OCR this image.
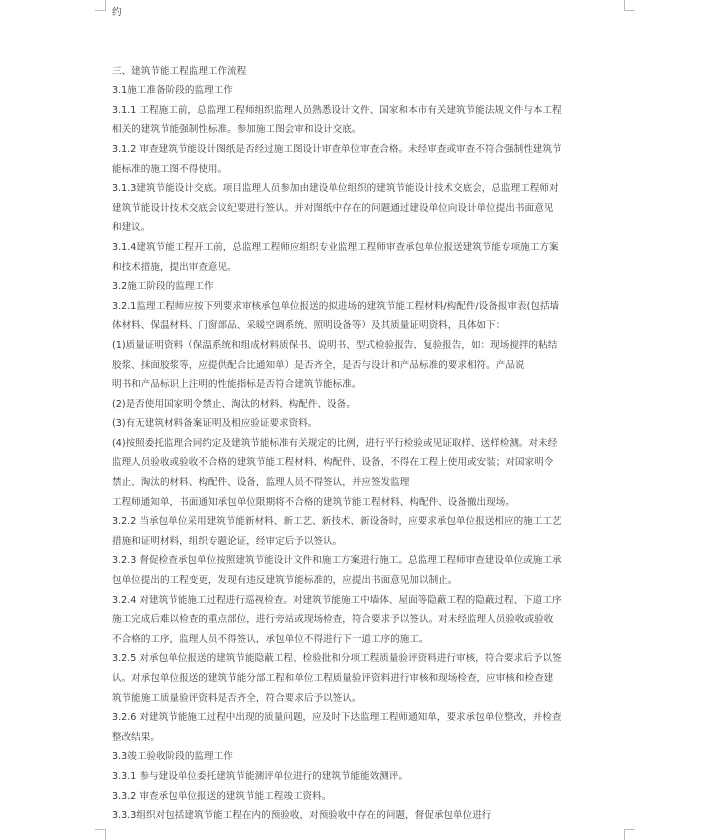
约
三、建筑节能工程监理工作流程
3.1施工准备阶段的监理工作
3.1.1 工程施工前，总监理工程师组织监理人员熟悉设计文件、国家和本市有关建筑节能法规文件与本工程
相关的建筑节能强制性标准。参加施工图会审和设计交底。
3.1.2 审查建筑节能设计图纸是否经过施工图设计审查单位审查合格。未经审查或审查不符合强制性建筑节
能标准的施工图不得使用。
3.1.3建筑节能设计交底。项目监理人员参加由建设单位组织的建筑节能设计技术交底会，总监理工程师对
建筑节能设计技术交底会议纪要进行签认。并对图纸中存在的问题通过建设单位向设计单位提出书面意见
和建议。
3.1.4建筑节能工程开工前，总监理工程师应组织专业监理工程师审查承包单位报送建筑节能专项施工方案
和技术措施，提出审查意见。
3.2施工阶段的监理工作
3.2.1监理工程师应按下列要求审核承包单位报送的拟进场的建筑节能工程材料/构配件/设备报审表(包括墙
体材料、保温材料、门窗部品、采暖空调系统、照明设备等）及其质量证明资料，具体如下：
(1)质量证明资料（保温系统和组成材料质保书、说明书、型式检验报告、复验报告，如：现场搅拌的粘结
胶浆、抹面胶浆等，应提供配合比通知单）是否齐全，是否与设计和产品标准的要求相符。产品说
明书和产品标识上注明的性能指标是否符合建筑节能标准。
(2)是否使用国家明令禁止、淘汰的材料、构配件、设备。
(3)有无建筑材料备案证明及相应验证要求资料。
(4)按照委托监理合同约定及建筑节能标准有关规定的比例，进行平行检验或见证取样、送样检测。对未经
监理人员验收或验收不合格的建筑节能工程材料、构配件、设备，不得在工程上使用或安装；对国家明令
禁止、淘汰的材料、构配件、设备，监理人员不得签认，并应签发监理
工程师通知单，书面通知承包单位限期将不合格的建筑节能工程材料、构配件、设备撤出现场。
3.2.2 当承包单位采用建筑节能新材料、新工艺、新技术、新设备时，应要求承包单位报送相应的施工工艺
措施和证明材料，组织专题论证，经审定后予以签认。
3.2.3 督促检查承包单位按照建筑节能设计文件和施工方案进行施工。总监理工程师审查建设单位或施工承
包单位提出的工程变更，发现有违反建筑节能标准的，应提出书面意见加以制止。
3.2.4 对建筑节能施工过程进行巡视检查。对建筑节能施工中墙体、屋面等隐蔽工程的隐蔽过程、下道工序
施工完成后难以检查的重点部位，进行旁站或现场检查，符合要求予以签认。对未经监理人员验收或验收
不合格的工序，监理人员不得签认，承包单位不得进行下一道工序的施工。
3.2.5 对承包单位报送的建筑节能隐蔽工程、检验批和分项工程质量验评资料进行审核，符合要求后予以签
认。对承包单位报送的建筑节能分部工程和单位工程质量验评资料进行审核和现场检查，应审核和检查建
筑节能施工质量验评资料是否齐全，符合要求后予以签认。
3.2.6 对建筑节能施工过程中出现的质量问题，应及时下达监理工程师通知单，要求承包单位整改，并检查
整改结果。
3.3竣工验收阶段的监理工作
3.3.1 参与建设单位委托建筑节能测评单位进行的建筑节能能效测评。
3.3.2 审查承包单位报送的建筑节能工程竣工资料。
3.3.3组织对包括建筑节能工程在内的预验收，对预验收中存在的问题，督促承包单位进行
